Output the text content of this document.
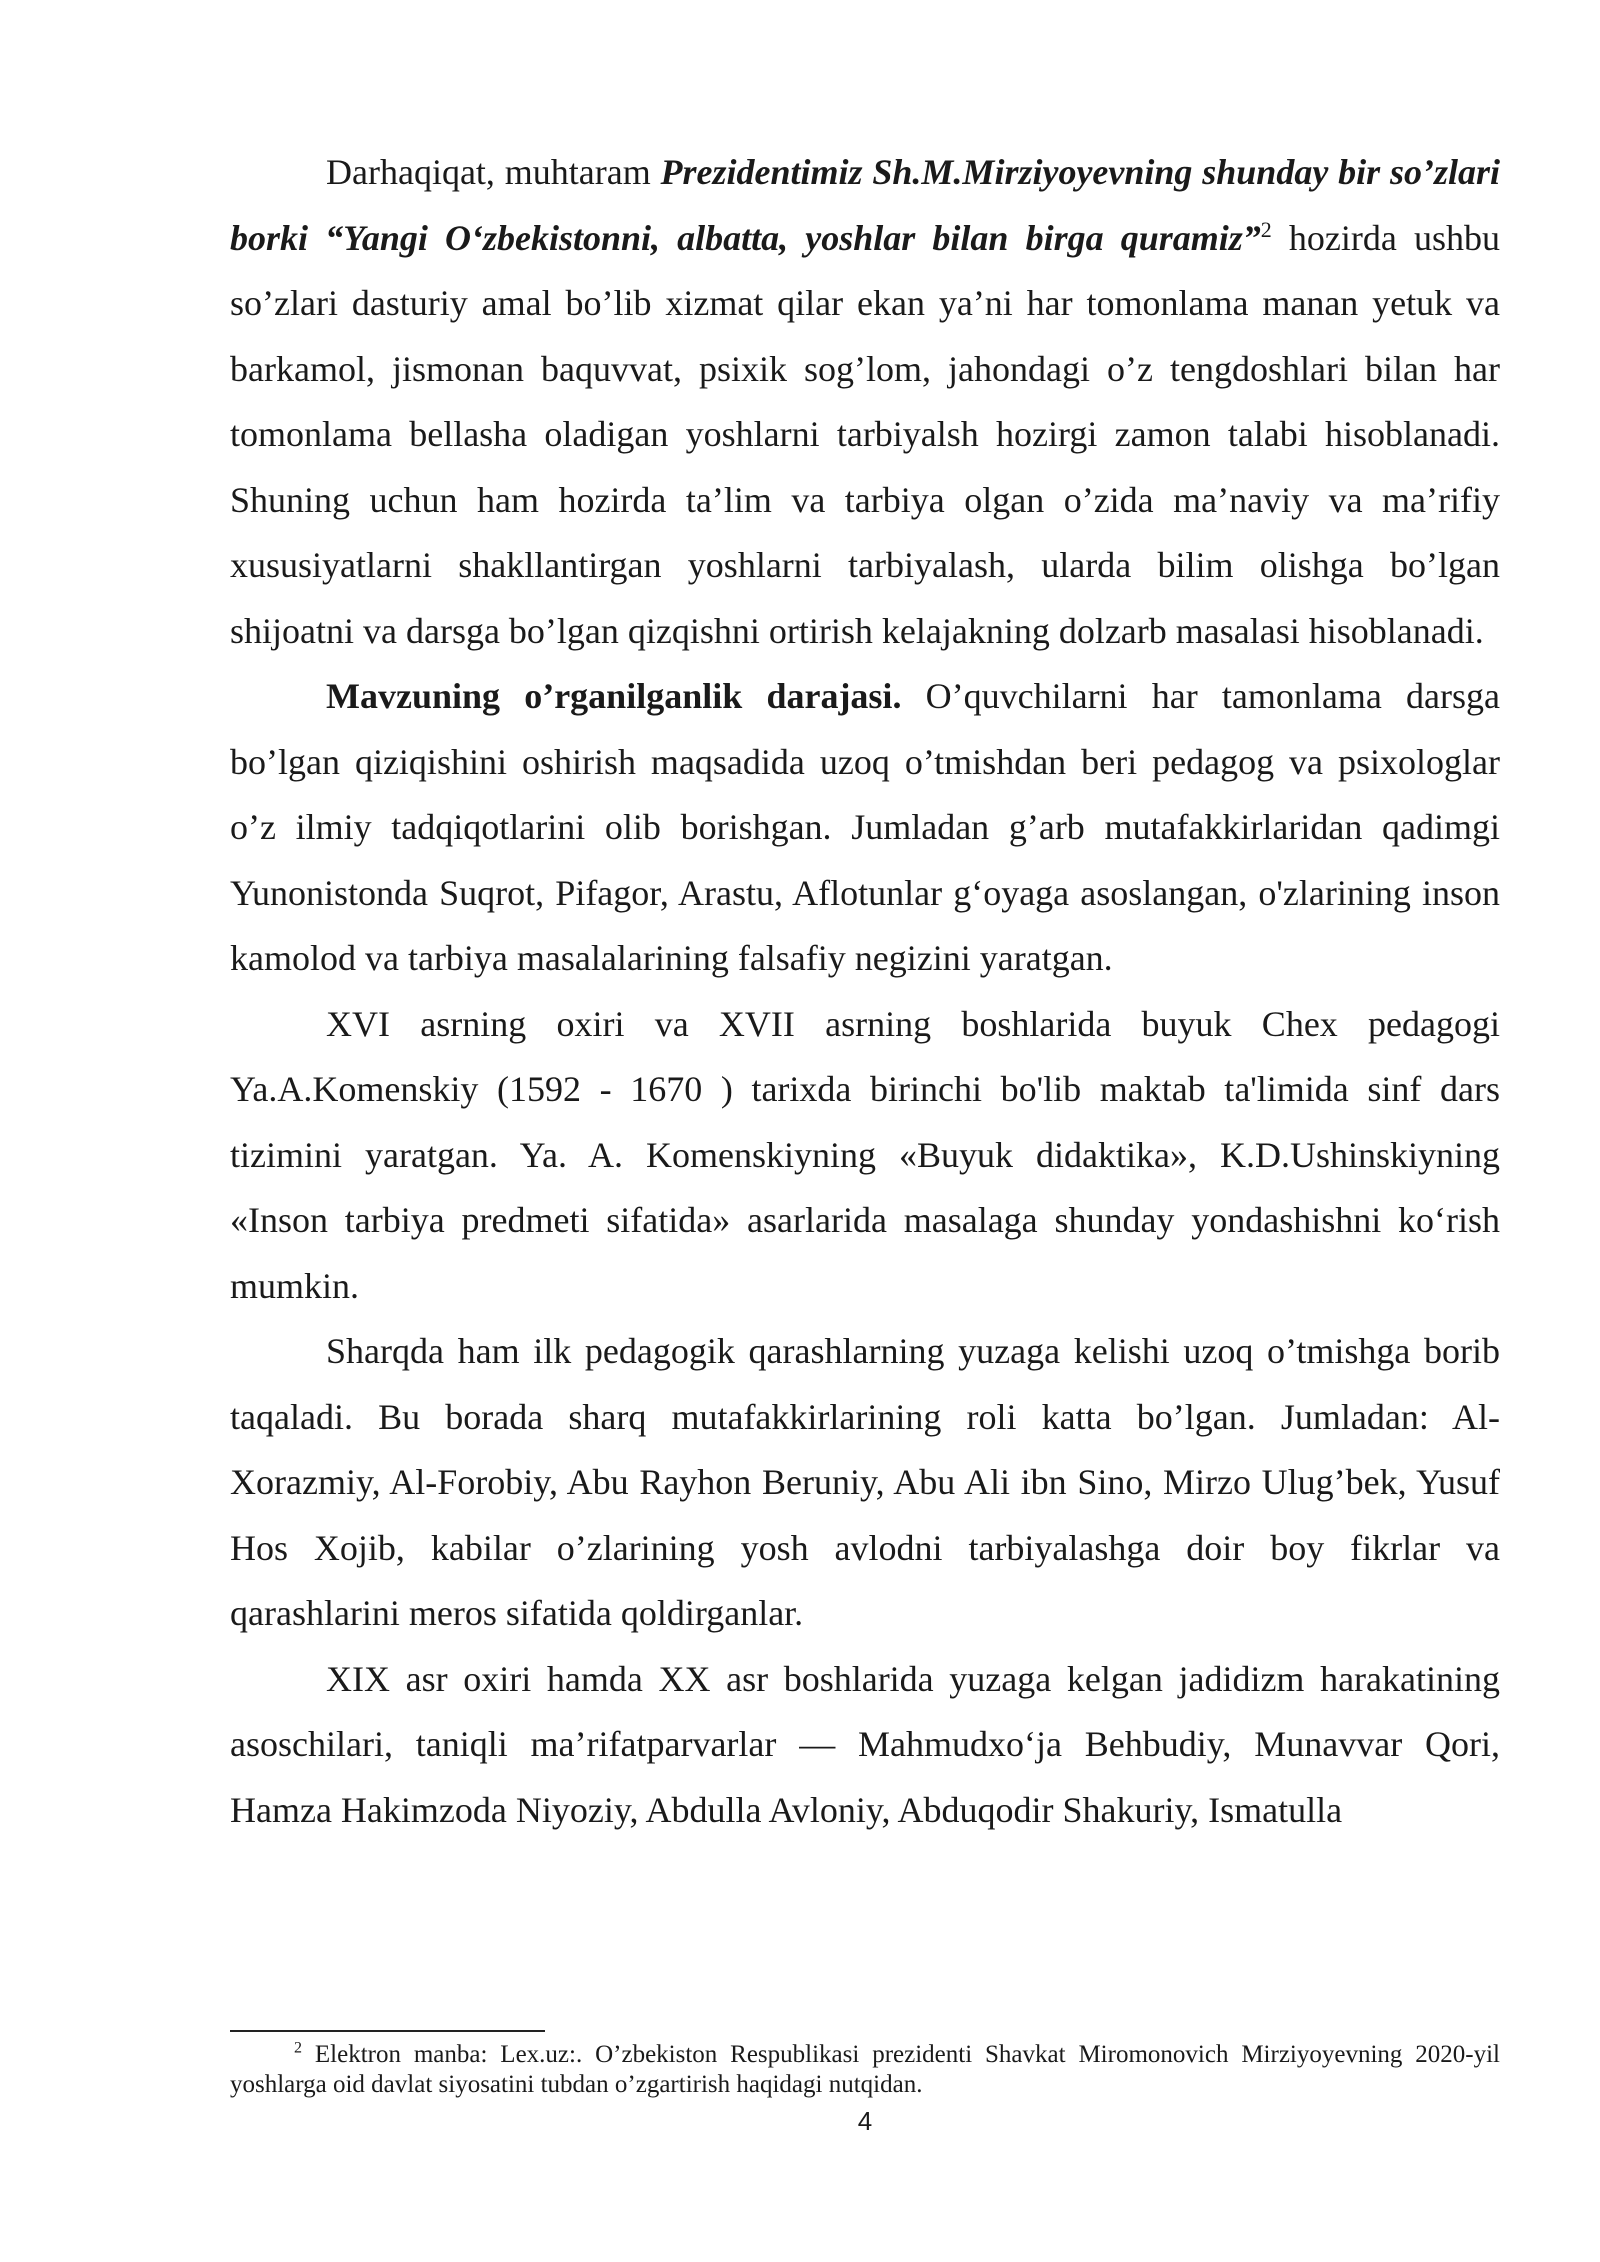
Darhaqiqat, muhtaram Prezidentimiz Sh.M.Mirziyoyevning shunday bir so’zlari borki “Yangi O‘zbekistonni, albatta, yoshlar bilan birga quramiz”$^2$ hozirda ushbu so’zlari dasturiy amal bo’lib xizmat qilar ekan ya’ni har tomonlama manan yetuk va barkamol, jismonan baquvvat, psixik sog’lom, jahondagi o’z tengdoshlari bilan har tomonlama bellasha oladigan yoshlarni tarbiyalsh hozirgi zamon talabi hisoblanadi. Shuning uchun ham hozirda ta’lim va tarbiya olgan o’zida ma’naviy va ma’rifiy xususiyatlarni shakllantirgan yoshlarni tarbiyalash, ularda bilim olishga bo’lgan shijoatni va darsga bo’lgan qizqishni ortirish kelajakning dolzarb masalasi hisoblanadi.

Mavzuning o’rganilganlik darajasi. O’quvchilarni har tamonlama darsga bo’lgan qiziqishini oshirish maqsadida uzoq o’tmishdan beri pedagog va psixologlar o’z ilmiy tadqiqotlarini olib borishgan. Jumladan g’arb mutafakkirlaridan qadimgi Yunonistonda Suqrot, Pifagor, Arastu, Aflotunlar g‘oyaga asoslangan, o'zlarining inson kamolod va tarbiya masalalarining falsafiy negizini yaratgan.

XVI asrning oxiri va XVII asrning boshlarida buyuk Chex pedagogi Ya.A.Komenskiy (1592 - 1670 ) tarixda birinchi bo'lib maktab ta'limida sinf dars tizimini yaratgan. Ya. A. Komenskiyning «Buyuk didaktika», K.D.Ushinskiyning «Inson tarbiya predmeti sifatida» asarlarida masalaga shunday yondashishni ko‘rish mumkin.

Sharqda ham ilk pedagogik qarashlarning yuzaga kelishi uzoq o’tmishga borib taqaladi. Bu borada sharq mutafakkirlarining roli katta bo’lgan. Jumladan: Al-Xorazmiy, Al-Forobiy, Abu Rayhon Beruniy, Abu Ali ibn Sino, Mirzo Ulug’bek, Yusuf Hos Xojib, kabilar o’zlarining yosh avlodni tarbiyalashga doir boy fikrlar va qarashlarini meros sifatida qoldirganlar.

XIX asr oxiri hamda XX asr boshlarida yuzaga kelgan jadidizm harakatining asoschilari, taniqli ma’rifatparvarlar — Mahmudxo‘ja Behbudiy, Munavvar Qori, Hamza Hakimzoda Niyoziy, Abdulla Avloniy, Abduqodir Shakuriy, Ismatulla

$^2$ Elektron manba: Lex.uz:. O’zbekiston Respublikasi prezidenti Shavkat Miromonovich Mirziyoyevning 2020-yil yoshlarga oid davlat siyosatini tubdan o’zgartirish haqidagi nutqidan.

4
